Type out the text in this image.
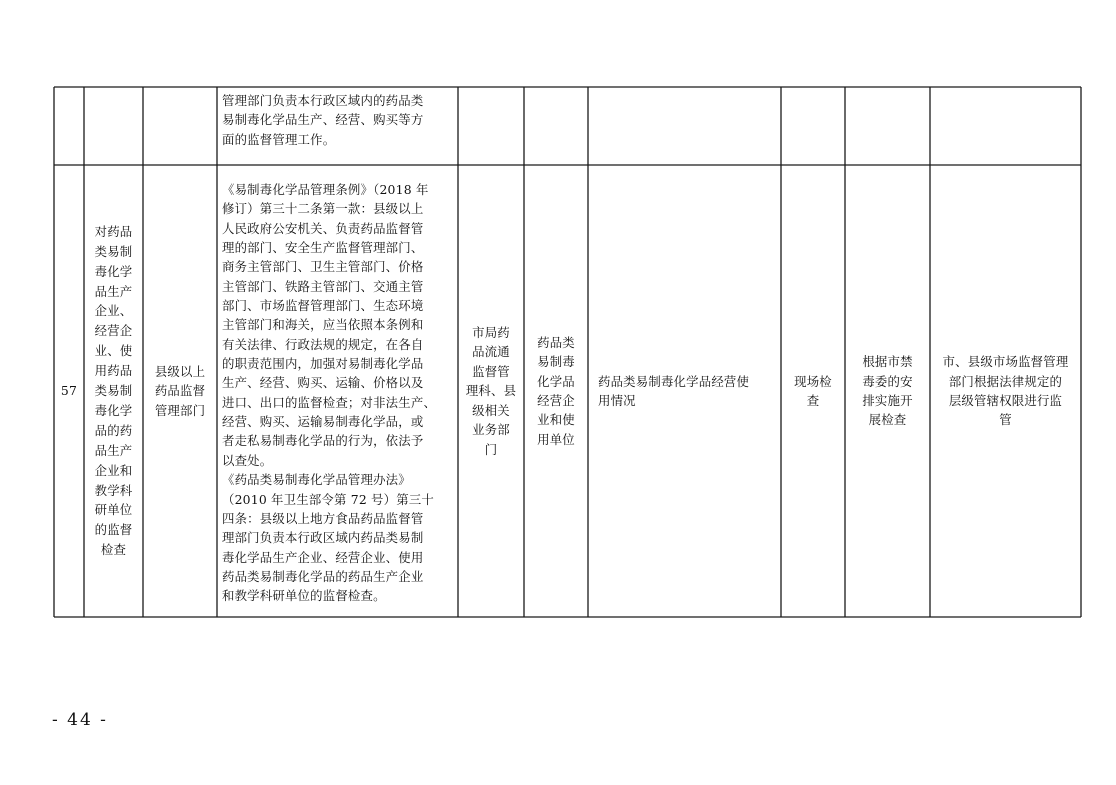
管理部门负责本行政区域内的药品类
易制毒化学品生产、经营、购买等方
面的监督管理工作。
57
对药品
类易制
毒化学
品生产
企业、
经营企
业、使
用药品
类易制
毒化学
品的药
品生产
企业和
教学科
研单位
的监督
检查
县级以上
药品监督
管理部门
《易制毒化学品管理条例》（2018 年
修订）第三十二条第一款：县级以上
人民政府公安机关、负责药品监督管
理的部门、安全生产监督管理部门、
商务主管部门、卫生主管部门、价格
主管部门、铁路主管部门、交通主管
部门、市场监督管理部门、生态环境
主管部门和海关，应当依照本条例和
有关法律、行政法规的规定，在各自
的职责范围内，加强对易制毒化学品
生产、经营、购买、运输、价格以及
进口、出口的监督检查；对非法生产、
经营、购买、运输易制毒化学品，或
者走私易制毒化学品的行为，依法予
以查处。
《药品类易制毒化学品管理办法》
（2010 年卫生部令第 72 号）第三十
四条：县级以上地方食品药品监督管
理部门负责本行政区域内药品类易制
毒化学品生产企业、经营企业、使用
药品类易制毒化学品的药品生产企业
和教学科研单位的监督检查。
市局药
品流通
监督管
理科、县
级相关
业务部
门
药品类
易制毒
化学品
经营企
业和使
用单位
药品类易制毒化学品经营使
用情况
现场检
查
根据市禁
毒委的安
排实施开
展检查
市、县级市场监督管理
部门根据法律规定的
层级管辖权限进行监
管
- 44 -
